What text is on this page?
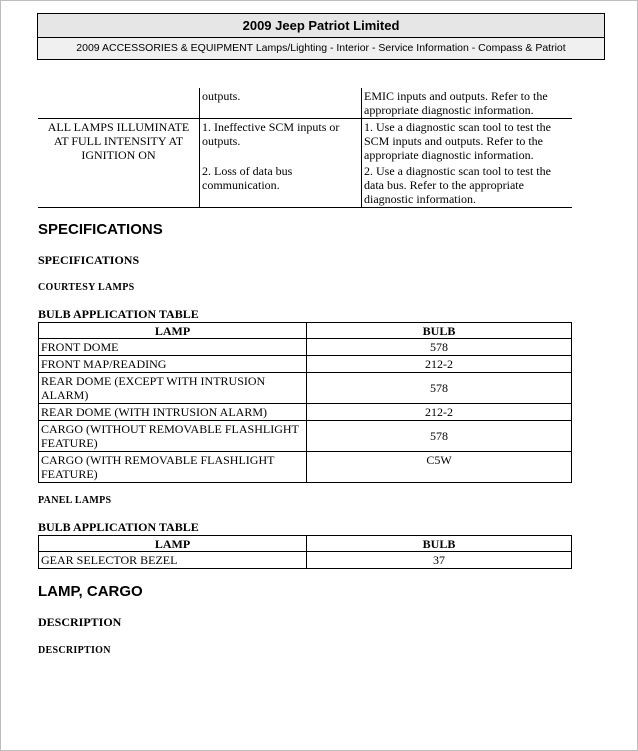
2009 Jeep Patriot Limited
2009 ACCESSORIES & EQUIPMENT Lamps/Lighting - Interior - Service Information - Compass & Patriot
	outputs.	EMIC inputs and outputs. Refer to the appropriate diagnostic information.
ALL LAMPS ILLUMINATE AT FULL INTENSITY AT IGNITION ON	1. Ineffective SCM inputs or outputs.	1. Use a diagnostic scan tool to test the SCM inputs and outputs. Refer to the appropriate diagnostic information.
	2. Loss of data bus communication.	2. Use a diagnostic scan tool to test the data bus. Refer to the appropriate diagnostic information.
SPECIFICATIONS
SPECIFICATIONS
COURTESY LAMPS
BULB APPLICATION TABLE
LAMP	BULB
FRONT DOME	578
FRONT MAP/READING	212-2
REAR DOME (EXCEPT WITH INTRUSION ALARM)	578
REAR DOME (WITH INTRUSION ALARM)	212-2
CARGO (WITHOUT REMOVABLE FLASHLIGHT FEATURE)	578
CARGO (WITH REMOVABLE FLASHLIGHT FEATURE)	C5W
PANEL LAMPS
BULB APPLICATION TABLE
LAMP	BULB
GEAR SELECTOR BEZEL	37
LAMP, CARGO
DESCRIPTION
DESCRIPTION
